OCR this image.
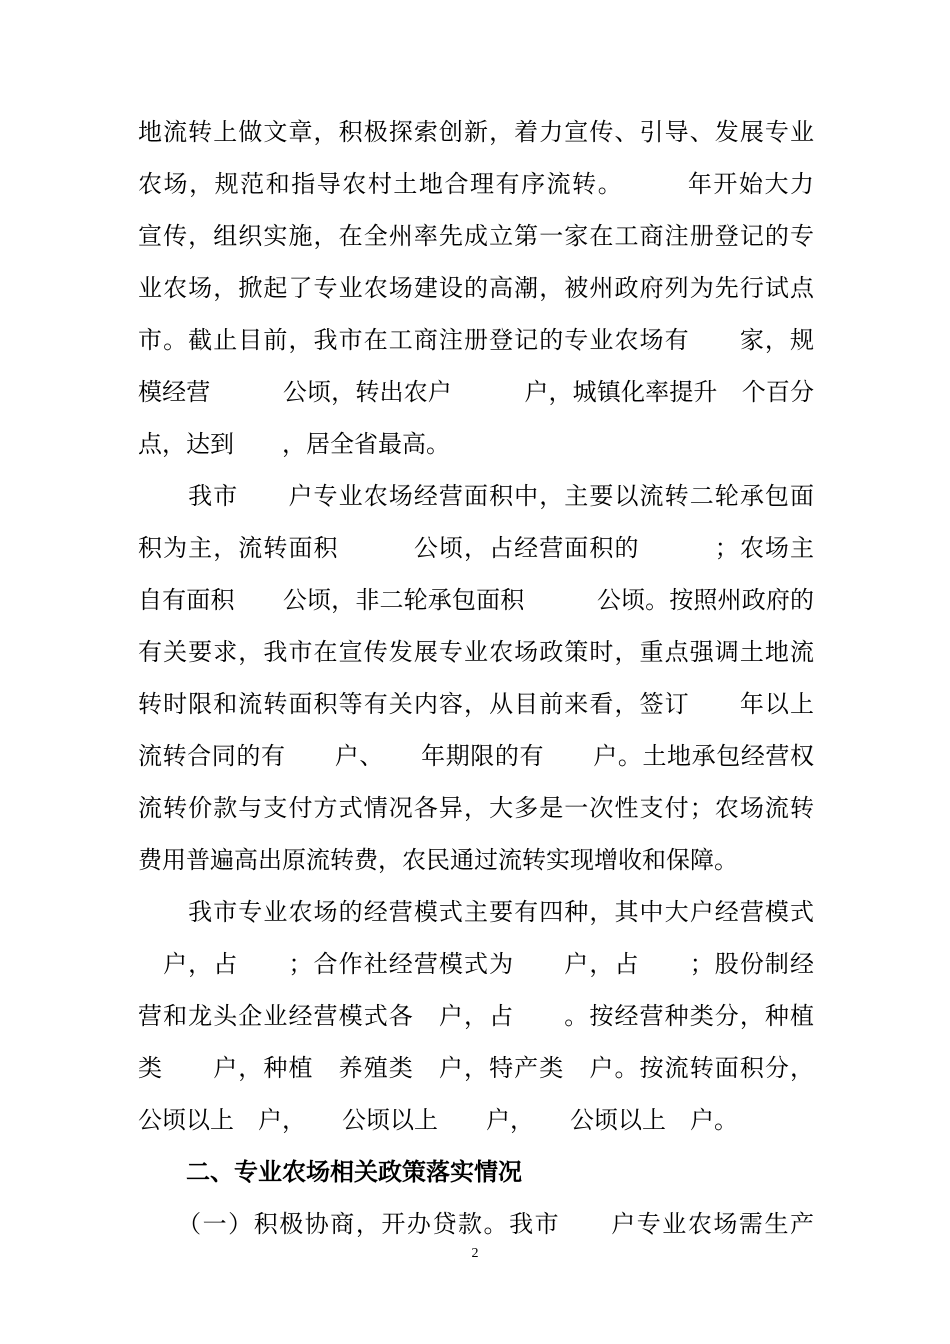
地流转上做文章，积极探索创新，着力宣传、引导、发展专业
农场，规范和指导农村土地合理有序流转。　　　年开始大力
宣传，组织实施，在全州率先成立第一家在工商注册登记的专
业农场，掀起了专业农场建设的高潮，被州政府列为先行试点
市。截止目前，我市在工商注册登记的专业农场有　　家，规
模经营　　　公顷，转出农户　　　户，城镇化率提升　个百分
点，达到　　，居全省最高。
　　我市　　户专业农场经营面积中，主要以流转二轮承包面
积为主，流转面积　　　公顷，占经营面积的　　　；农场主
自有面积　　公顷，非二轮承包面积　　　公顷。按照州政府的
有关要求，我市在宣传发展专业农场政策时，重点强调土地流
转时限和流转面积等有关内容，从目前来看，签订　　年以上
流转合同的有　　户、　　年期限的有　　户。土地承包经营权
流转价款与支付方式情况各异，大多是一次性支付；农场流转
费用普遍高出原流转费，农民通过流转实现增收和保障。
　　我市专业农场的经营模式主要有四种，其中大户经营模式
　户，占　　；合作社经营模式为　　户，占　　；股份制经
营和龙头企业经营模式各　户，占　　。按经营种类分，种植
类　　户，种植　养殖类　户，特产类　户。按流转面积分，
公顷以上　户，　　公顷以上　　户，　　公顷以上　户。
　　二、专业农场相关政策落实情况
　　（一）积极协商，开办贷款。我市　　户专业农场需生产
2
